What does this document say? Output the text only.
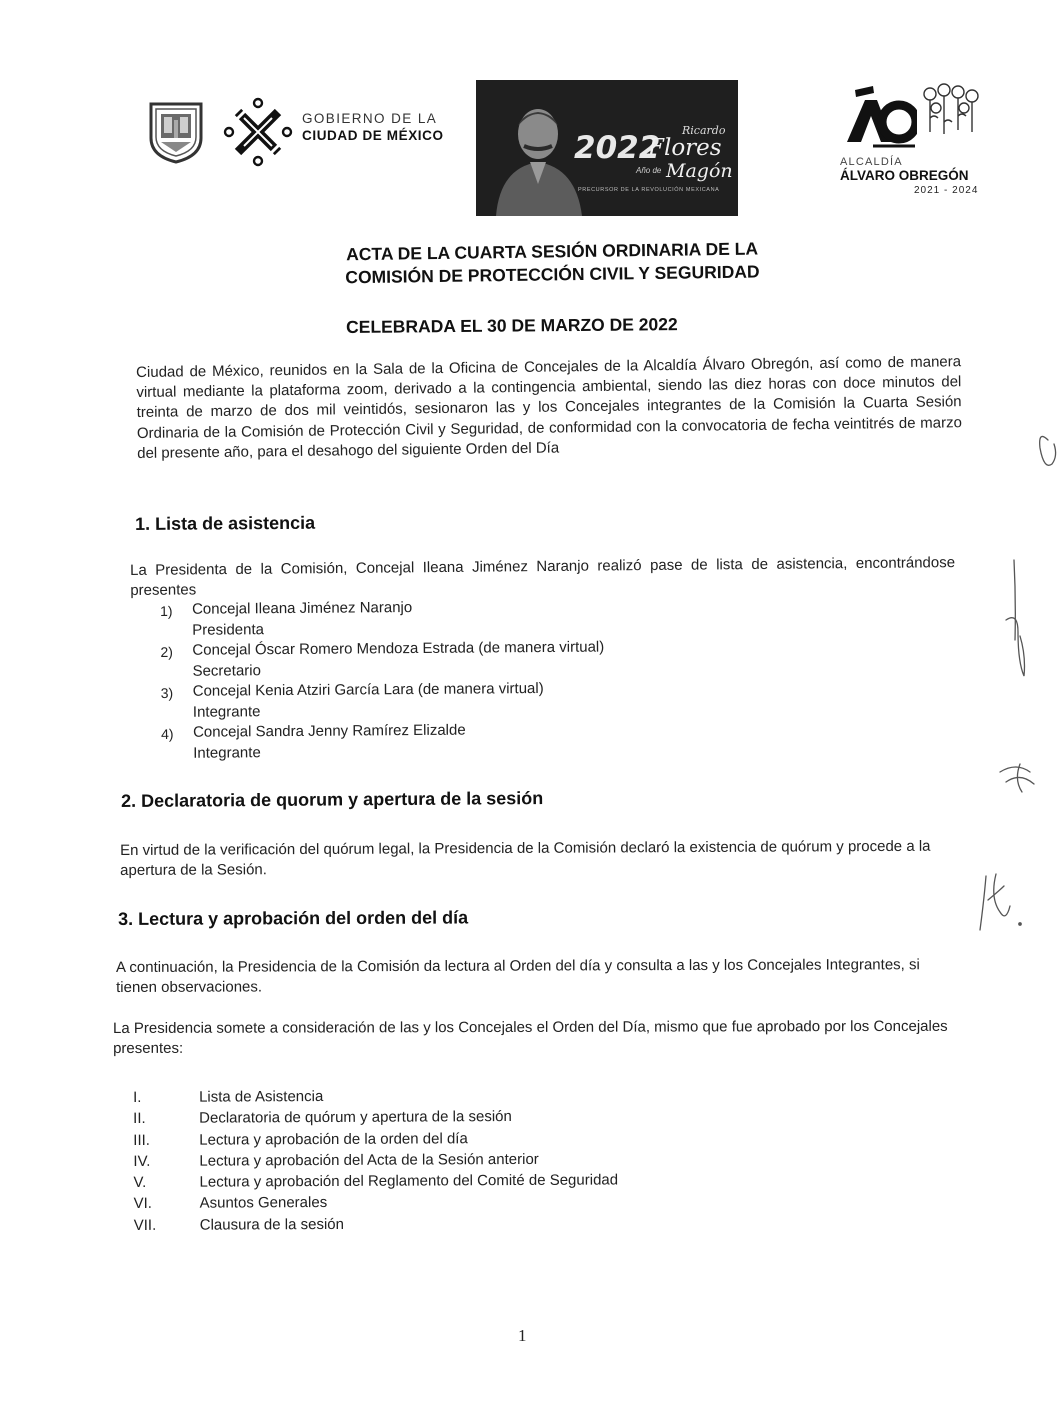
GOBIERNO DE LA
CIUDAD DE MÉXICO	2022
Año de
Ricardo
Flores
Magón
PRECURSOR DE LA REVOLUCIÓN MEXICANA
ALCALDÍA
ÁLVARO OBREGÓN
2021 - 2024
ACTA DE LA CUARTA SESIÓN ORDINARIA DE LA
COMISIÓN DE PROTECCIÓN CIVIL Y SEGURIDAD
CELEBRADA EL 30 DE MARZO DE 2022
Ciudad de México, reunidos en la Sala de la Oficina de Concejales de la Alcaldía Álvaro Obregón, así como de manera virtual mediante la plataforma zoom, derivado a la contingencia ambiental, siendo las diez horas con doce minutos del treinta de marzo de dos mil veintidós, sesionaron las y los Concejales integrantes de la Comisión la Cuarta Sesión Ordinaria de la Comisión de Protección Civil y Seguridad, de conformidad con la convocatoria de fecha veintitrés de marzo del presente año, para el desahogo del siguiente Orden del Día
1. Lista de asistencia
La Presidenta de la Comisión, Concejal Ileana Jiménez Naranjo realizó pase de lista de asistencia, encontrándose presentes
1)	Concejal Ileana Jiménez Naranjo
Presidenta
2)	Concejal Óscar Romero Mendoza Estrada (de manera virtual)
Secretario
3)	Concejal Kenia Atziri García Lara (de manera virtual)
Integrante
4)	Concejal Sandra Jenny Ramírez Elizalde
Integrante
2. Declaratoria de quorum y apertura de la sesión
En virtud de la verificación del quórum legal, la Presidencia de la Comisión declaró la existencia de quórum y procede a la apertura de la Sesión.
3. Lectura y aprobación del orden del día
A continuación, la Presidencia de la Comisión da lectura al Orden del día y consulta a las y los Concejales Integrantes, si tienen observaciones.
La Presidencia somete a consideración de las y los Concejales el Orden del Día, mismo que fue aprobado por los Concejales presentes:
I.	Lista de Asistencia
II.	Declaratoria de quórum y apertura de la sesión
III.	Lectura y aprobación de la orden del día
IV.	Lectura y aprobación del Acta de la Sesión anterior
V.	Lectura y aprobación del Reglamento del Comité de Seguridad
VI.	Asuntos Generales
VII.	Clausura de la sesión
1
